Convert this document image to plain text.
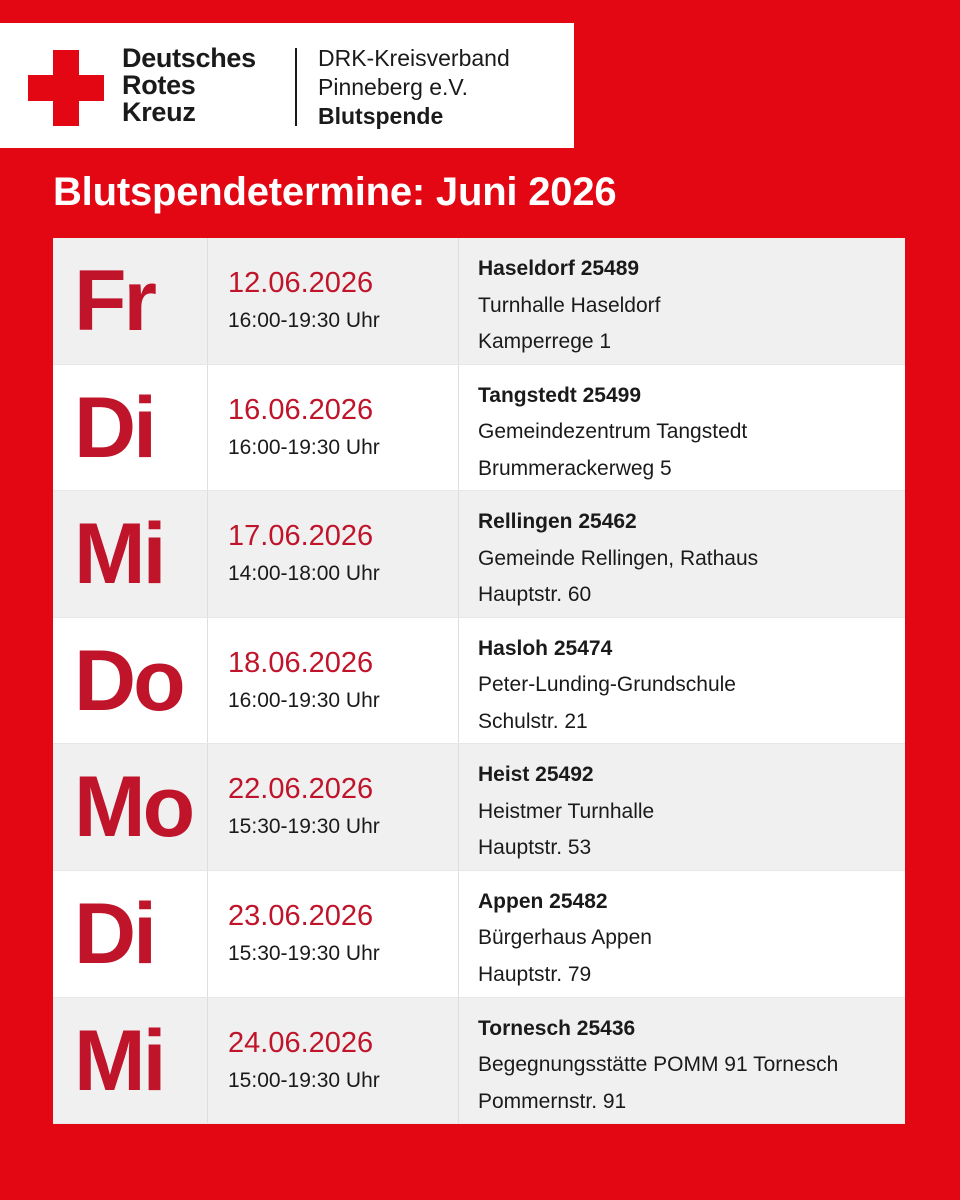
Deutsches
Rotes
Kreuz
DRK-Kreisverband
Pinneberg e.V.
Blutspende
Blutspendetermine: Juni 2026
Fr	12.06.2026
16:00-19:30 Uhr
Haseldorf 25489
Turnhalle Haseldorf
Kamperrege 1
Di	16.06.2026
16:00-19:30 Uhr
Tangstedt 25499
Gemeindezentrum Tangstedt
Brummerackerweg 5
Mi 17.06.2026
14:00-18:00 Uhr
Rellingen 25462
Gemeinde Rellingen, Rathaus
Hauptstr. 60
Do 18.06.2026
16:00-19:30 Uhr
Hasloh 25474
Peter-Lunding-Grundschule
Schulstr. 21
Mo 22.06.2026
15:30-19:30 Uhr
Heist 25492
Heistmer Turnhalle
Hauptstr. 53
Di	23.06.2026
15:30-19:30 Uhr
Appen 25482
Bürgerhaus Appen
Hauptstr. 79
Mi 24.06.2026
15:00-19:30 Uhr
Tornesch 25436
Begegnungsstätte POMM 91 Tornesch
Pommernstr. 91
